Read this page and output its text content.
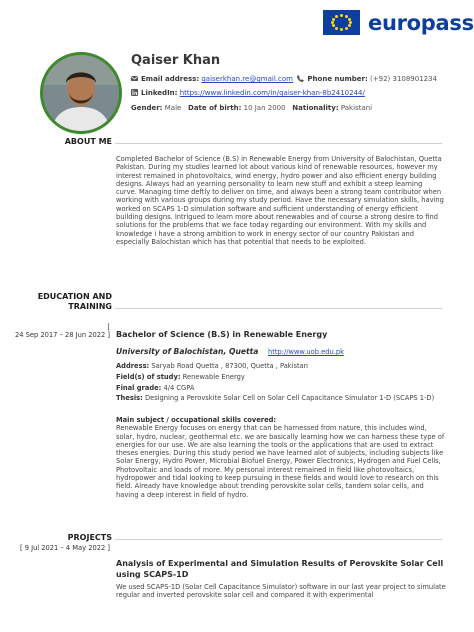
europass
Qaiser Khan
Email address: qaiserkhan.re@gmail.com Phone number: (+92) 3108901234
LinkedIn: https://www.linkedin.com/in/qaiser-khan-8b2410244/
Gender: Male Date of birth: 10 Jan 2000 Nationality: Pakistani
ABOUT ME
Completed Bachelor of Science (B.S) in Renewable Energy from University of Balochistan, Quetta Pakistan. During my studies learned lot about various kind of renewable resources, however my interest remained in photovoltaics, wind energy, hydro power and also efficient energy building designs. Always had an yearning personality to learn new stuff and exhibit a steep learning curve. Managing time deftly to deliver on time, and always been a strong team contributor when working with various groups during my study period. Have the necessary simulation skills, having worked on SCAPS 1-D simulation software and sufficient understanding of energy efficient building designs. Intrigued to learn more about renewables and of course a strong desire to find solutions for the problems that we face today regarding our environment. With my skills and knowledge i have a strong ambition to work in energy sector of our country Pakistan and especially Balochistan which has that potential that needs to be exploited.
EDUCATION AND
TRAINING
[
24 Sep 2017 – 28 Jun 2022 ] Bachelor of Science (B.S) in Renewable Energy
University of Balochistan, Quetta http://www.uob.edu.pk
Address: Saryab Road Quetta , 87300, Quetta , Pakistan
Field(s) of study: Renewable Energy
Final grade: 4/4 CGPA
Thesis: Designing a Perovskite Solar Cell on Solar Cell Capacitance Simulator 1-D (SCAPS 1-D)
Main subject / occupational skills covered:
Renewable Energy focuses on energy that can be harnessed from nature, this includes wind, solar, hydro, nuclear, geothermal etc. we are basically learning how we can harness these type of energies for our use. We are also learning the tools or the applications that are used to extract theses energies. During this study period we have learned alot of subjects, including subjects like Solar Energy, Hydro Power, Microbial Biofuel Energy, Power Electronics, Hydrogen and Fuel Cells, Photovoltaic and loads of more. My personal interest remained in field like photovoltaics, hydropower and tidal looking to keep pursuing in these fields and would love to research on this field. Already have knowledge about trending perovskite solar cells, tandem solar cells, and having a deep interest in field of hydro.
PROJECTS
[ 9 Jul 2021 – 4 May 2022 ]
Analysis of Experimental and Simulation Results of Perovskite Solar Cell using SCAPS-1D
We used SCAPS-1D (Solar Cell Capacitance Simulator) software in our last year project to simulate regular and inverted perovskite solar cell and compared it with experimental
